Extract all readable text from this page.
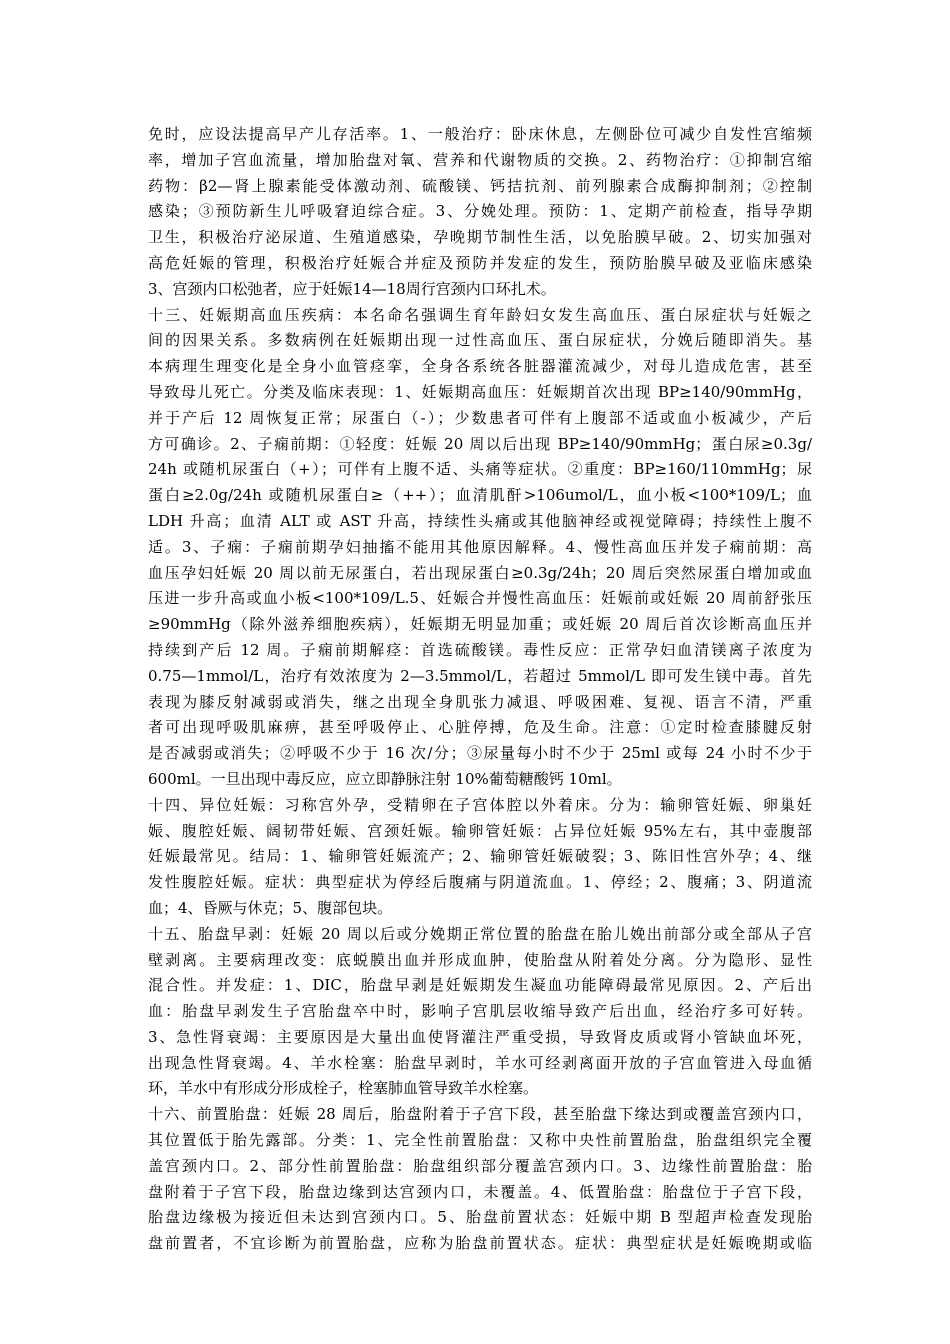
免时，应设法提高早产儿存活率。1、一般治疗：卧床休息，左侧卧位可减少自发性宫缩频
率，增加子宫血流量，增加胎盘对氧、营养和代谢物质的交换。2、药物治疗：①抑制宫缩
药物：β2—肾上腺素能受体激动剂、硫酸镁、钙拮抗剂、前列腺素合成酶抑制剂；②控制
感染；③预防新生儿呼吸窘迫综合症。3、分娩处理。预防：1、定期产前检查，指导孕期
卫生，积极治疗泌尿道、生殖道感染，孕晚期节制性生活，以免胎膜早破。2、切实加强对
高危妊娠的管理，积极治疗妊娠合并症及预防并发症的发生，预防胎膜早破及亚临床感染
3、宫颈内口松弛者，应于妊娠14—18周行宫颈内口环扎术。
十三、妊娠期高血压疾病：本名命名强调生育年龄妇女发生高血压、蛋白尿症状与妊娠之
间的因果关系。多数病例在妊娠期出现一过性高血压、蛋白尿症状，分娩后随即消失。基
本病理生理变化是全身小血管痉挛，全身各系统各脏器灌流减少，对母儿造成危害，甚至
导致母儿死亡。分类及临床表现：1、妊娠期高血压：妊娠期首次出现 BP≥140/90mmHg，
并于产后 12 周恢复正常；尿蛋白（-）；少数患者可伴有上腹部不适或血小板减少，产后
方可确诊。2、子痫前期：①轻度：妊娠 20 周以后出现 BP≥140/90mmHg；蛋白尿≥0.3g/
24h 或随机尿蛋白（+）；可伴有上腹不适、头痛等症状。②重度：BP≥160/110mmHg；尿
蛋白≥2.0g/24h 或随机尿蛋白≥（++）；血清肌酐>106umol/L，血小板<100*109/L；血
LDH 升高；血清 ALT 或 AST 升高，持续性头痛或其他脑神经或视觉障碍；持续性上腹不
适。3、子痫：子痫前期孕妇抽搐不能用其他原因解释。4、慢性高血压并发子痫前期：高
血压孕妇妊娠 20 周以前无尿蛋白，若出现尿蛋白≥0.3g/24h；20 周后突然尿蛋白增加或血
压进一步升高或血小板<100*109/L.5、妊娠合并慢性高血压：妊娠前或妊娠 20 周前舒张压
≥90mmHg（除外滋养细胞疾病），妊娠期无明显加重；或妊娠 20 周后首次诊断高血压并
持续到产后 12 周。子痫前期解痉：首选硫酸镁。毒性反应：正常孕妇血清镁离子浓度为
0.75—1mmol/L，治疗有效浓度为 2—3.5mmol/L，若超过 5mmol/L 即可发生镁中毒。首先
表现为膝反射减弱或消失，继之出现全身肌张力减退、呼吸困难、复视、语言不清，严重
者可出现呼吸肌麻痹，甚至呼吸停止、心脏停搏，危及生命。注意：①定时检查膝腱反射
是否减弱或消失；②呼吸不少于 16 次/分；③尿量每小时不少于 25ml 或每 24 小时不少于
600ml。一旦出现中毒反应，应立即静脉注射 10%葡萄糖酸钙 10ml。
十四、异位妊娠：习称宫外孕，受精卵在子宫体腔以外着床。分为：输卵管妊娠、卵巢妊
娠、腹腔妊娠、阔韧带妊娠、宫颈妊娠。输卵管妊娠：占异位妊娠 95%左右，其中壶腹部
妊娠最常见。结局：1、输卵管妊娠流产；2、输卵管妊娠破裂；3、陈旧性宫外孕；4、继
发性腹腔妊娠。症状：典型症状为停经后腹痛与阴道流血。1、停经；2、腹痛；3、阴道流
血；4、昏厥与休克；5、腹部包块。
十五、胎盘早剥：妊娠 20 周以后或分娩期正常位置的胎盘在胎儿娩出前部分或全部从子宫
壁剥离。主要病理改变：底蜕膜出血并形成血肿，使胎盘从附着处分离。分为隐形、显性
混合性。并发症：1、DIC，胎盘早剥是妊娠期发生凝血功能障碍最常见原因。2、产后出
血：胎盘早剥发生子宫胎盘卒中时，影响子宫肌层收缩导致产后出血，经治疗多可好转。
3、急性肾衰竭：主要原因是大量出血使肾灌注严重受损，导致肾皮质或肾小管缺血坏死，
出现急性肾衰竭。4、羊水栓塞：胎盘早剥时，羊水可经剥离面开放的子宫血管进入母血循
环，羊水中有形成分形成栓子，栓塞肺血管导致羊水栓塞。
十六、前置胎盘：妊娠 28 周后，胎盘附着于子宫下段，甚至胎盘下缘达到或覆盖宫颈内口，
其位置低于胎先露部。分类：1、完全性前置胎盘：又称中央性前置胎盘，胎盘组织完全覆
盖宫颈内口。2、部分性前置胎盘：胎盘组织部分覆盖宫颈内口。3、边缘性前置胎盘：胎
盘附着于子宫下段，胎盘边缘到达宫颈内口，未覆盖。4、低置胎盘：胎盘位于子宫下段，
胎盘边缘极为接近但未达到宫颈内口。5、胎盘前置状态：妊娠中期 B 型超声检查发现胎
盘前置者，不宜诊断为前置胎盘，应称为胎盘前置状态。症状：典型症状是妊娠晚期或临
